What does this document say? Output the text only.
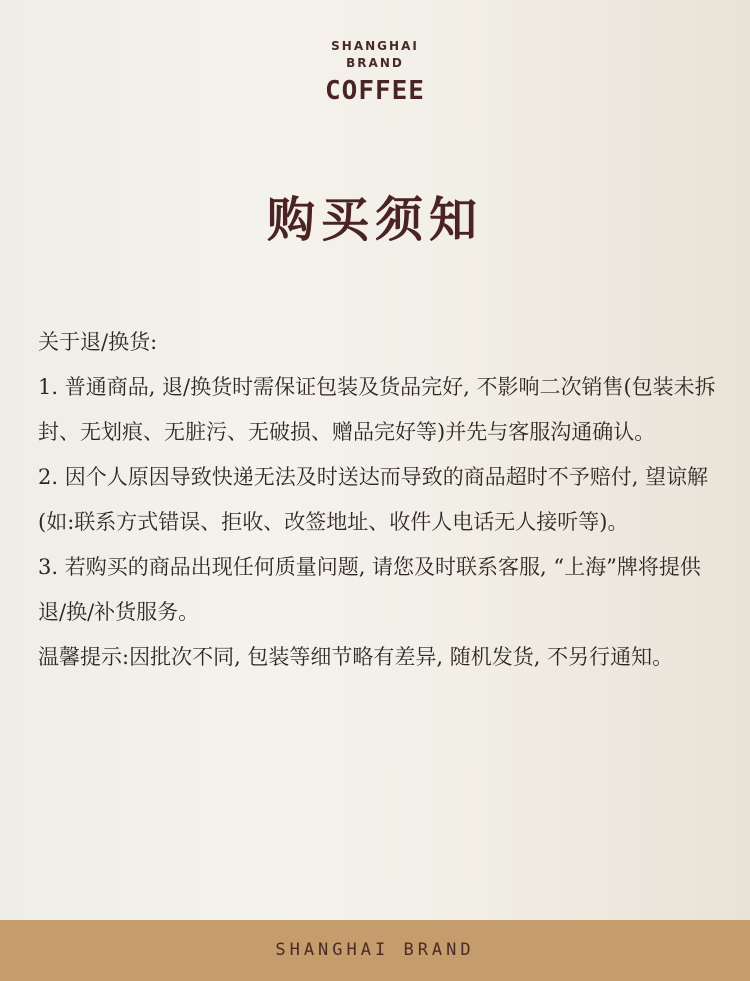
SHANGHAI
BRAND
COFFEE
购买须知

关于退/换货:

1. 普通商品, 退/换货时需保证包装及货品完好, 不影响二次销售(包装未拆封、无划痕、无脏污、无破损、赠品完好等)并先与客服沟通确认。

2. 因个人原因导致快递无法及时送达而导致的商品超时不予赔付, 望谅解(如:联系方式错误、拒收、改签地址、收件人电话无人接听等)。

3. 若购买的商品出现任何质量问题, 请您及时联系客服, “上海”牌将提供退/换/补货服务。

温馨提示:因批次不同, 包装等细节略有差异, 随机发货, 不另行通知。

SHANGHAI BRAND
